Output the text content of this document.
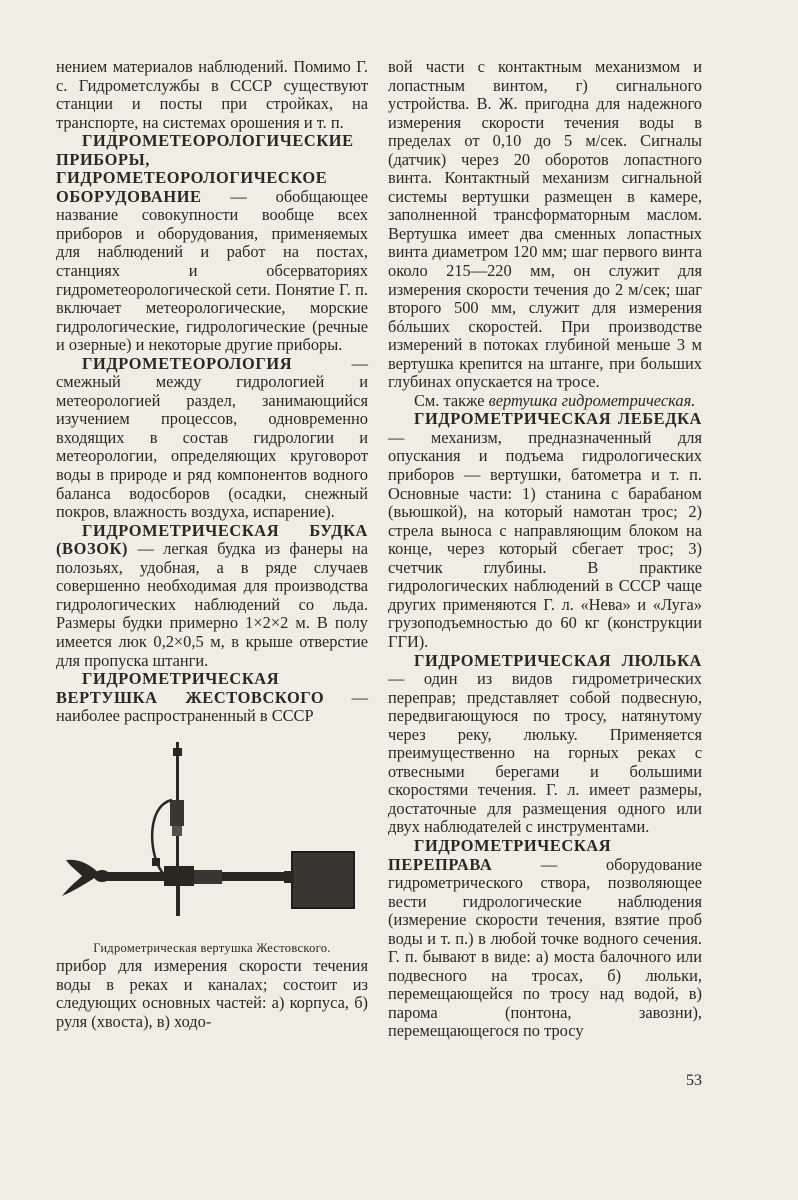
нением материалов наблюдений. Помимо Г. с. Гидрометслужбы в СССР существуют станции и посты при стройках, на транспорте, на системах орошения и т. п.

ГИДРОМЕТЕОРОЛОГИЧЕСКИЕ ПРИБОРЫ, ГИДРОМЕТЕОРОЛОГИЧЕСКОЕ ОБОРУДОВАНИЕ — обобщающее название совокупности вообще всех приборов и оборудования, применяемых для наблюдений и работ на постах, станциях и обсерваториях гидрометеорологической сети. Понятие Г. п. включает метеорологические, морские гидрологические, гидрологические (речные и озерные) и некоторые другие приборы.

ГИДРОМЕТЕОРОЛОГИЯ — смежный между гидрологией и метеорологией раздел, занимающийся изучением процессов, одновременно входящих в состав гидрологии и метеорологии, определяющих круговорот воды в природе и ряд компонентов водного баланса водосборов (осадки, снежный покров, влажность воздуха, испарение).

ГИДРОМЕТРИЧЕСКАЯ БУДКА (ВОЗОК) — легкая будка из фанеры на полозьях, удобная, а в ряде случаев совершенно необходимая для производства гидрологических наблюдений со льда. Размеры будки примерно 1×2×2 м. В полу имеется люк 0,2×0,5 м, в крыше отверстие для пропуска штанги.

ГИДРОМЕТРИЧЕСКАЯ ВЕРТУШКА ЖЕСТОВСКОГО — наиболее распространенный в СССР

Гидрометрическая вертушка Жестовского.

прибор для измерения скорости течения воды в реках и каналах; состоит из следующих основных частей: а) корпуса, б) руля (хвоста), в) ходо-

вой части с контактным механизмом и лопастным винтом, г) сигнального устройства. В. Ж. пригодна для надежного измерения скорости течения воды в пределах от 0,10 до 5 м/сек. Сигналы (датчик) через 20 оборотов лопастного винта. Контактный механизм сигнальной системы вертушки размещен в камере, заполненной трансформаторным маслом. Вертушка имеет два сменных лопастных винта диаметром 120 мм; шаг первого винта около 215—220 мм, он служит для измерения скорости течения до 2 м/сек; шаг второго 500 мм, служит для измерения бóльших скоростей. При производстве измерений в потоках глубиной меньше 3 м вертушка крепится на штанге, при больших глубинах опускается на тросе.

См. также вертушка гидрометрическая.

ГИДРОМЕТРИЧЕСКАЯ ЛЕБЕДКА — механизм, предназначенный для опускания и подъема гидрологических приборов — вертушки, батометра и т. п. Основные части: 1) станина с барабаном (вьюшкой), на который намотан трос; 2) стрела выноса с направляющим блоком на конце, через который сбегает трос; 3) счетчик глубины. В практике гидрологических наблюдений в СССР чаще других применяются Г. л. «Нева» и «Луга» грузоподъемностью до 60 кг (конструкции ГГИ).

ГИДРОМЕТРИЧЕСКАЯ ЛЮЛЬКА — один из видов гидрометрических переправ; представляет собой подвесную, передвигающуюся по тросу, натянутому через реку, люльку. Применяется преимущественно на горных реках с отвесными берегами и большими скоростями течения. Г. л. имеет размеры, достаточные для размещения одного или двух наблюдателей с инструментами.

ГИДРОМЕТРИЧЕСКАЯ ПЕРЕПРАВА — оборудование гидрометрического створа, позволяющее вести гидрологические наблюдения (измерение скорости течения, взятие проб воды и т. п.) в любой точке водного сечения. Г. п. бывают в виде: а) моста балочного или подвесного на тросах, б) люльки, перемещающейся по тросу над водой, в) парома (понтона, завозни), перемещающегося по тросу

53
